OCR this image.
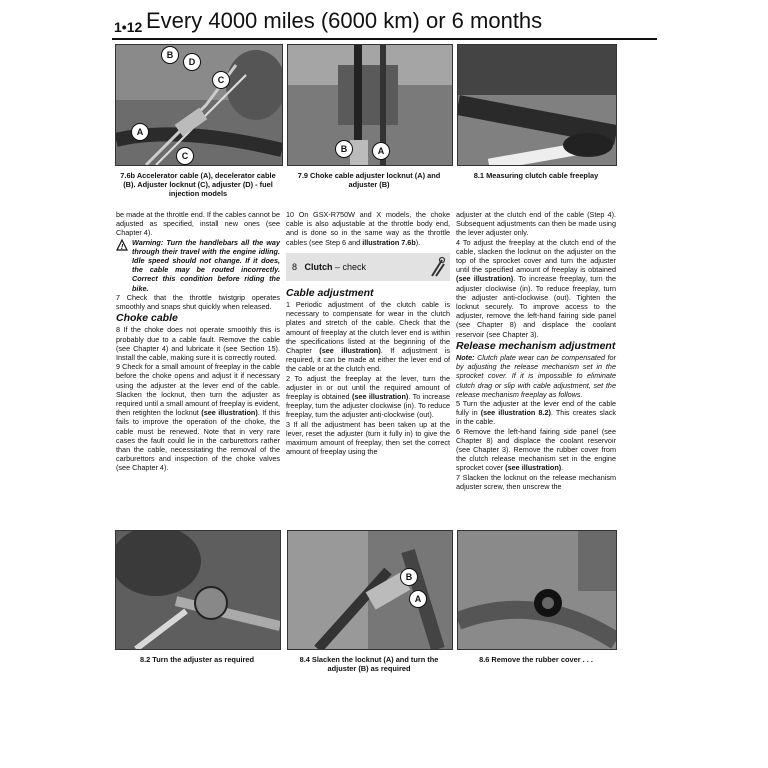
1•12 Every 4000 miles (6000 km) or 6 months
B
D
C
A
C
7.6b Accelerator cable (A), decelerator cable (B). Adjuster locknut (C), adjuster (D) - fuel injection models
B	A
7.9 Choke cable adjuster locknut (A) and adjuster (B)
8.1 Measuring clutch cable freeplay

be made at the throttle end. If the cables cannot be adjusted as specified, install new ones (see Chapter 4).

!
Warning: Turn the handlebars all the way through their travel with the engine idling. Idle speed should not change. If it does, the cable may be routed incorrectly. Correct this condition before riding the bike.

7 Check that the throttle twistgrip operates smoothly and snaps shut quickly when released.

Choke cable

8 If the choke does not operate smoothly this is probably due to a cable fault. Remove the cable (see Chapter 4) and lubricate it (see Section 15). Install the cable, making sure it is correctly routed.

9 Check for a small amount of freeplay in the cable before the choke opens and adjust it if necessary using the adjuster at the lever end of the cable. Slacken the locknut, then turn the adjuster as required until a small amount of freeplay is evident, then retighten the locknut (see illustration). If this fails to improve the operation of the choke, the cable must be renewed. Note that in very rare cases the fault could lie in the carburettors rather than the cable, necessitating the removal of the carburettors and inspection of the choke valves (see Chapter 4).

10 On GSX-R750W and X models, the choke cable is also adjustable at the throttle body end, and is done so in the same way as the throttle cables (see Step 6 and illustration 7.6b).

8 Clutch – check
Cable adjustment

1 Periodic adjustment of the clutch cable is necessary to compensate for wear in the clutch plates and stretch of the cable. Check that the amount of freeplay at the clutch lever end is within the specifications listed at the beginning of the Chapter (see illustration). If adjustment is required, it can be made at either the lever end of the cable or at the clutch end.

2 To adjust the freeplay at the lever, turn the adjuster in or out until the required amount of freeplay is obtained (see illustration). To increase freeplay, turn the adjuster clockwise (in). To reduce freeplay, turn the adjuster anti-clockwise (out).

3 If all the adjustment has been taken up at the lever, reset the adjuster (turn it fully in) to give the maximum amount of freeplay, then set the correct amount of freeplay using the

adjuster at the clutch end of the cable (Step 4). Subsequent adjustments can then be made using the lever adjuster only.

4 To adjust the freeplay at the clutch end of the cable, slacken the locknut on the adjuster on the top of the sprocket cover and turn the adjuster until the specified amount of freeplay is obtained (see illustration). To increase freeplay, turn the adjuster clockwise (in). To reduce freeplay, turn the adjuster anti-clockwise (out). Tighten the locknut securely. To improve access to the adjuster, remove the left-hand fairing side panel (see Chapter 8) and displace the coolant reservoir (see Chapter 3).

Release mechanism adjustment

Note: Clutch plate wear can be compensated for by adjusting the release mechanism set in the sprocket cover. If it is impossible to eliminate clutch drag or slip with cable adjustment, set the release mechanism freeplay as follows.

5 Turn the adjuster at the lever end of the cable fully in (see illustration 8.2). This creates slack in the cable.

6 Remove the left-hand fairing side panel (see Chapter 8) and displace the coolant reservoir (see Chapter 3). Remove the rubber cover from the clutch release mechanism set in the engine sprocket cover (see illustration).

7 Slacken the locknut on the release mechanism adjuster screw, then unscrew the

8.2 Turn the adjuster as required
B
A
8.4 Slacken the locknut (A) and turn the adjuster (B) as required
8.6 Remove the rubber cover . . .
